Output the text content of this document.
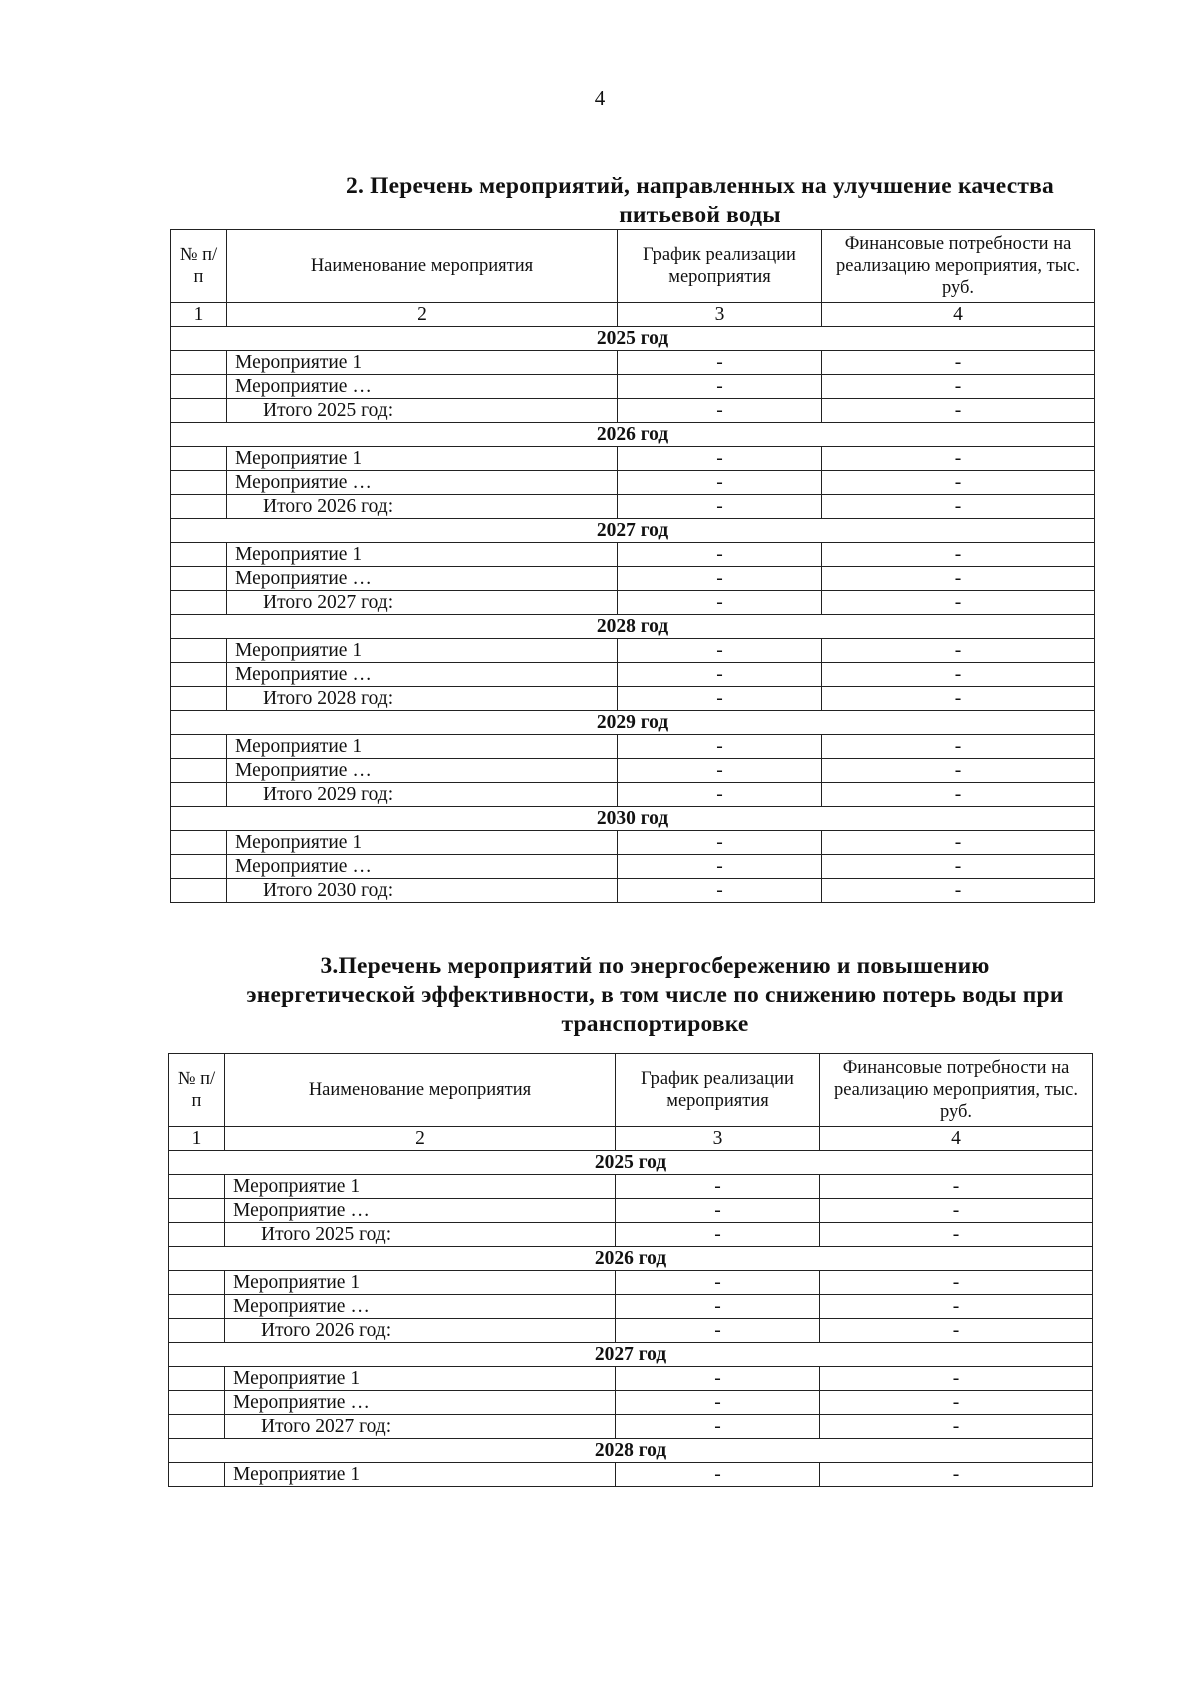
4
2. Перечень мероприятий, направленных на улучшение качества
питьевой воды
№ п/п	Наименование мероприятия	График реализации мероприятия	Финансовые потребности на реализацию мероприятия, тыс. руб.
1	2	3	4
2025 год			
	Мероприятие 1	-	-
	Мероприятие …	-	-
	Итого 2025 год:	-	-
2026 год			
	Мероприятие 1	-	-
	Мероприятие …	-	-
	Итого 2026 год:	-	-
2027 год			
	Мероприятие 1	-	-
	Мероприятие …	-	-
	Итого 2027 год:	-	-
2028 год			
	Мероприятие 1	-	-
	Мероприятие …	-	-
	Итого 2028 год:	-	-
2029 год			
	Мероприятие 1	-	-
	Мероприятие …	-	-
	Итого 2029 год:	-	-
2030 год			
	Мероприятие 1	-	-
	Мероприятие …	-	-
	Итого 2030 год:	-	-
3.Перечень мероприятий по энергосбережению и повышению
энергетической эффективности, в том числе по снижению потерь воды при
транспортировке
№ п/п	Наименование мероприятия	График реализации мероприятия	Финансовые потребности на реализацию мероприятия, тыс. руб.
1	2	3	4
2025 год			
	Мероприятие 1	-	-
	Мероприятие …	-	-
	Итого 2025 год:	-	-
2026 год			
	Мероприятие 1	-	-
	Мероприятие …	-	-
	Итого 2026 год:	-	-
2027 год			
	Мероприятие 1	-	-
	Мероприятие …	-	-
	Итого 2027 год:	-	-
2028 год			
	Мероприятие 1	-	-
